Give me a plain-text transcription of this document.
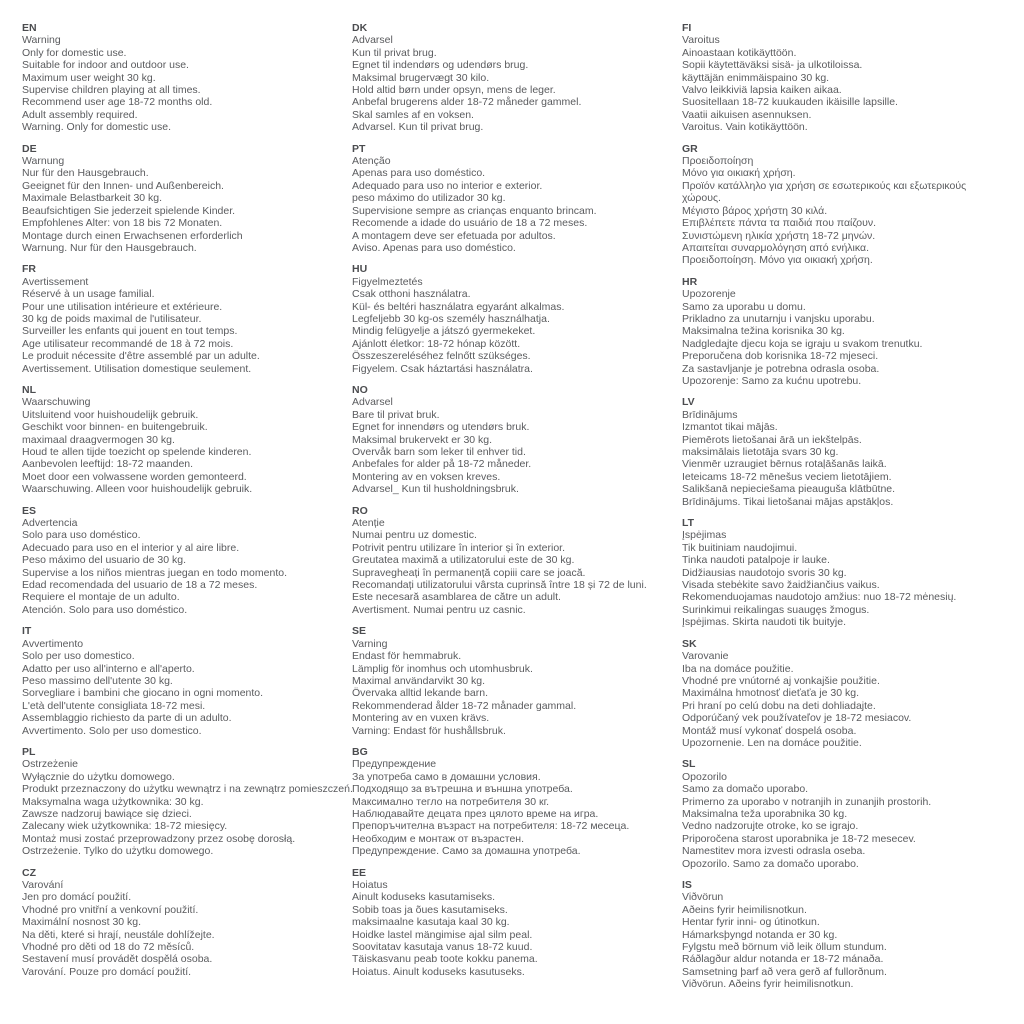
EN

Warning

Only for domestic use.

Suitable for indoor and outdoor use.

Maximum user weight 30 kg.

Supervise children playing at all times.

Recommend user age 18-72 months old.

Adult assembly required.

Warning. Only for domestic use.

DE

Warnung

Nur für den Hausgebrauch.

Geeignet für den Innen- und Außenbereich.

Maximale Belastbarkeit 30 kg.

Beaufsichtigen Sie jederzeit spielende Kinder.

Empfohlenes Alter: von 18 bis 72 Monaten.

Montage durch einen Erwachsenen erforderlich

Warnung. Nur für den Hausgebrauch.

FR

Avertissement

Réservé à un usage familial.

Pour une utilisation intérieure et extérieure.

30 kg de poids maximal de l'utilisateur.

Surveiller les enfants qui jouent en tout temps.

Age utilisateur recommandé de 18 à 72 mois.

Le produit nécessite d'être assemblé par un adulte.

Avertissement. Utilisation domestique seulement.

NL

Waarschuwing

Uitsluitend voor huishoudelijk gebruik.

Geschikt voor binnen- en buitengebruik.

maximaal draagvermogen 30 kg.

Houd te allen tijde toezicht op spelende kinderen.

Aanbevolen leeftijd: 18-72 maanden.

Moet door een volwassene worden gemonteerd.

Waarschuwing. Alleen voor huishoudelijk gebruik.

ES

Advertencia

Solo para uso doméstico.

Adecuado para uso en el interior y al aire libre.

Peso máximo del usuario de 30 kg.

Supervise a los niños mientras juegan en todo momento.

Edad recomendada del usuario de 18 a 72 meses.

Requiere el montaje de un adulto.

Atención. Solo para uso doméstico.

IT

Avvertimento

Solo per uso domestico.

Adatto per uso all'interno e all'aperto.

Peso massimo dell'utente 30 kg.

Sorvegliare i bambini che giocano in ogni momento.

L'età dell'utente consigliata 18-72 mesi.

Assemblaggio richiesto da parte di un adulto.

Avvertimento. Solo per uso domestico.

PL

Ostrzeżenie

Wyłącznie do użytku domowego.

Produkt przeznaczony do użytku wewnątrz i na zewnątrz pomieszczeń.

Maksymalna waga użytkownika: 30 kg.

Zawsze nadzoruj bawiące się dzieci.

Zalecany wiek użytkownika: 18-72 miesięcy.

Montaż musi zostać przeprowadzony przez osobę dorosłą.

Ostrzeżenie. Tylko do użytku domowego.

CZ

Varování

Jen pro domácí použití.

Vhodné pro vnitřní a venkovní použití.

Maximální nosnost 30 kg.

Na děti, které si hrají, neustále dohlížejte.

Vhodné pro děti od 18 do 72 měsíců.

Sestavení musí provádět dospělá osoba.

Varování. Pouze pro domácí použití.

DK

Advarsel

Kun til privat brug.

Egnet til indendørs og udendørs brug.

Maksimal brugervægt 30 kilo.

Hold altid børn under opsyn, mens de leger.

Anbefal brugerens alder 18-72 måneder gammel.

Skal samles af en voksen.

Advarsel. Kun til privat brug.

PT

Atenção

Apenas para uso doméstico.

Adequado para uso no interior e exterior.

peso máximo do utilizador 30 kg.

Supervisione sempre as crianças enquanto brincam.

Recomende a idade do usuário de 18 a 72 meses.

A montagem deve ser efetuada por adultos.

Aviso. Apenas para uso doméstico.

HU

Figyelmeztetés

Csak otthoni használatra.

Kül- és beltéri használatra egyaránt alkalmas.

Legfeljebb 30 kg-os személy használhatja.

Mindig felügyelje a játszó gyermekeket.

Ajánlott életkor: 18-72 hónap között.

Összeszereléséhez felnőtt szükséges.

Figyelem. Csak háztartási használatra.

NO

Advarsel

Bare til privat bruk.

Egnet for innendørs og utendørs bruk.

Maksimal brukervekt er 30 kg.

Overvåk barn som leker til enhver tid.

Anbefales for alder på 18-72 måneder.

Montering av en voksen kreves.

Advarsel_ Kun til husholdningsbruk.

RO

Atenție

Numai pentru uz domestic.

Potrivit pentru utilizare în interior și în exterior.

Greutatea maximă a utilizatorului este de 30 kg.

Supravegheați în permanență copiii care se joacă.

Recomandați utilizatorului vârsta cuprinsă între 18 și 72 de luni.

Este necesară asamblarea de către un adult.

Avertisment. Numai pentru uz casnic.

SE

Varning

Endast för hemmabruk.

Lämplig för inomhus och utomhusbruk.

Maximal användarvikt 30 kg.

Övervaka alltid lekande barn.

Rekommenderad ålder 18-72 månader gammal.

Montering av en vuxen krävs.

Varning: Endast för hushållsbruk.

BG

Предупреждение

За употреба само в домашни условия.

Подходящо за вътрешна и външна употреба.

Максимално тегло на потребителя 30 кг.

Наблюдавайте децата през цялото време на игра.

Препоръчителна възраст на потребителя: 18-72 месеца.

Необходим е монтаж от възрастен.

Предупреждение. Само за домашна употреба.

EE

Hoiatus

Ainult koduseks kasutamiseks.

Sobib toas ja õues kasutamiseks.

maksimaalne kasutaja kaal 30 kg.

Hoidke lastel mängimise ajal silm peal.

Soovitatav kasutaja vanus 18-72 kuud.

Täiskasvanu peab toote kokku panema.

Hoiatus. Ainult koduseks kasutuseks.

FI

Varoitus

Ainoastaan kotikäyttöön.

Sopii käytettäväksi sisä- ja ulkotiloissa.

käyttäjän enimmäispaino 30 kg.

Valvo leikkiviä lapsia kaiken aikaa.

Suositellaan 18-72 kuukauden ikäisille lapsille.

Vaatii aikuisen asennuksen.

Varoitus. Vain kotikäyttöön.

GR

Προειδοποίηση

Μόνο για οικιακή χρήση.

Προϊόν κατάλληλο για χρήση σε εσωτερικούς και εξωτερικούς

χώρους.

Μέγιστο βάρος χρήστη 30 κιλά.

Επιβλέπετε πάντα τα παιδιά που παίζουν.

Συνιστώμενη ηλικία χρήστη 18-72 μηνών.

Απαιτείται συναρμολόγηση από ενήλικα.

Προειδοποίηση. Μόνο για οικιακή χρήση.

HR

Upozorenje

Samo za uporabu u domu.

Prikladno za unutarnju i vanjsku uporabu.

Maksimalna težina korisnika 30 kg.

Nadgledajte djecu koja se igraju u svakom trenutku.

Preporučena dob korisnika 18-72 mjeseci.

Za sastavljanje je potrebna odrasla osoba.

Upozorenje: Samo za kućnu upotrebu.

LV

Brīdinājums

Izmantot tikai mājās.

Piemērots lietošanai ārā un iekštelpās.

maksimālais lietotāja svars 30 kg.

Vienmēr uzraugiet bērnus rotaļāšanās laikā.

Ieteicams 18-72 mēnešus veciem lietotājiem.

Salikšanā nepieciešama pieauguša klātbūtne.

Brīdinājums. Tikai lietošanai mājas apstākļos.

LT

Įspėjimas

Tik buitiniam naudojimui.

Tinka naudoti patalpoje ir lauke.

Didžiausias naudotojo svoris 30 kg.

Visada stebėkite savo žaidžiančius vaikus.

Rekomenduojamas naudotojo amžius: nuo 18-72 mėnesių.

Surinkimui reikalingas suaugęs žmogus.

Įspėjimas. Skirta naudoti tik buityje.

SK

Varovanie

Iba na domáce použitie.

Vhodné pre vnútorné aj vonkajšie použitie.

Maximálna hmotnosť dieťaťa je 30 kg.

Pri hraní po celú dobu na deti dohliadajte.

Odporúčaný vek používateľov je 18-72 mesiacov.

Montáž musí vykonať dospelá osoba.

Upozornenie. Len na domáce použitie.

SL

Opozorilo

Samo za domačo uporabo.

Primerno za uporabo v notranjih in zunanjih prostorih.

Maksimalna teža uporabnika 30 kg.

Vedno nadzorujte otroke, ko se igrajo.

Priporočena starost uporabnika je 18-72 mesecev.

Namestitev mora izvesti odrasla oseba.

Opozorilo. Samo za domačo uporabo.

IS

Viðvörun

Aðeins fyrir heimilisnotkun.

Hentar fyrir inni- og útinotkun.

Hámarksþyngd notanda er 30 kg.

Fylgstu með börnum við leik öllum stundum.

Ráðlagður aldur notanda er 18-72 mánaða.

Samsetning þarf að vera gerð af fullorðnum.

Viðvörun. Aðeins fyrir heimilisnotkun.
